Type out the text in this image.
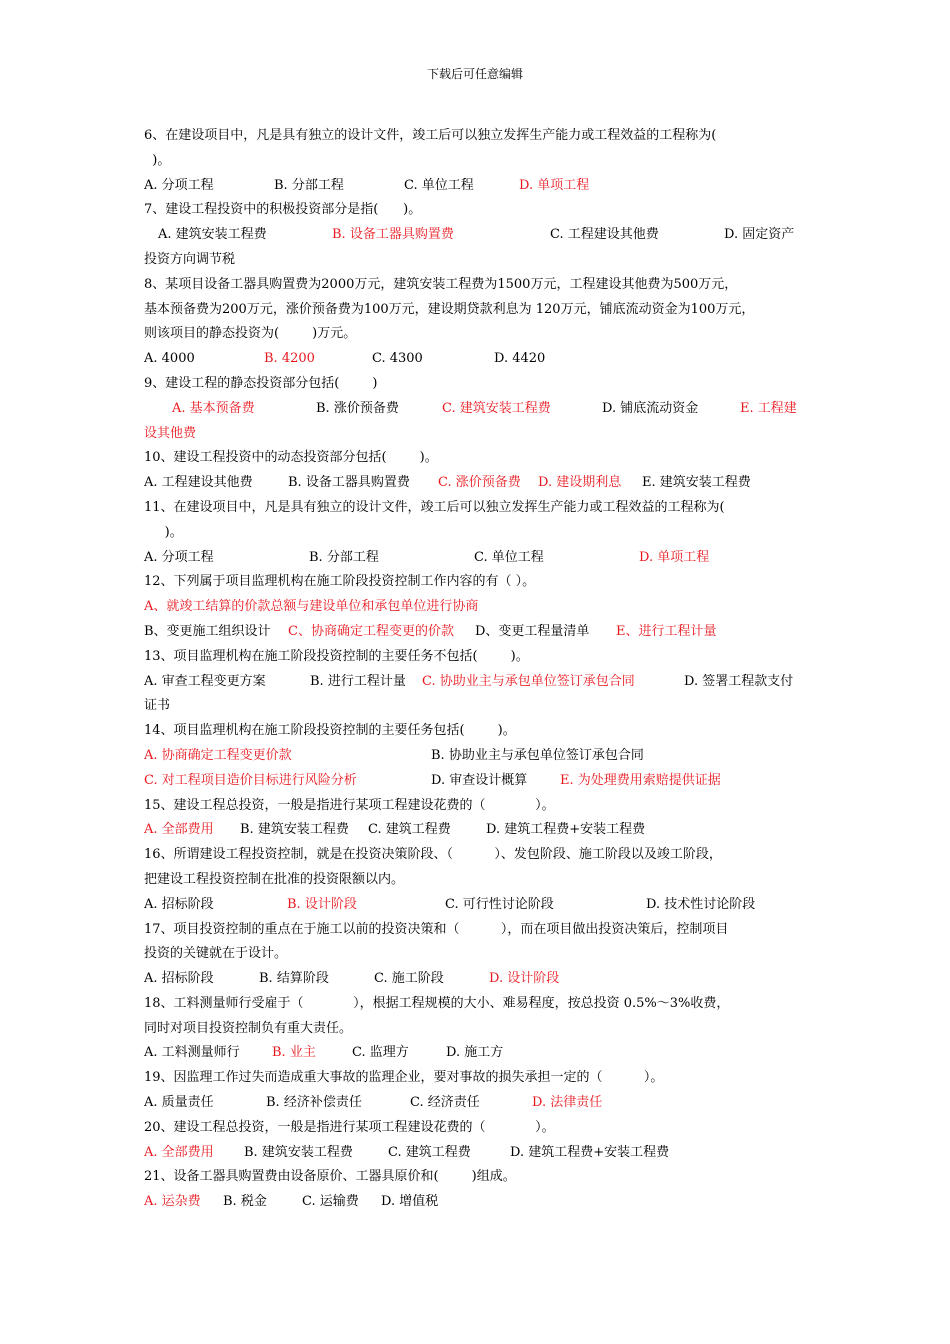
下载后可任意编辑
6、在建设项目中，凡是具有独立的设计文件，竣工后可以独立发挥生产能力或工程效益的工程称为(
)。
A. 分项工程	B. 分部工程	C. 单位工程	D. 单项工程
7、建设工程投资中的积极投资部分是指(      )。
A. 建筑安装工程费	B. 设备工器具购置费	C. 工程建设其他费	D. 固定资产
投资方向调节税
8、某项目设备工器具购置费为2000万元，建筑安装工程费为1500万元，工程建设其他费为500万元，
基本预备费为200万元，涨价预备费为100万元，建设期贷款利息为 120万元，铺底流动资金为100万元，
则该项目的静态投资为(        )万元。
A. 4000	B. 4200	C. 4300	D. 4420
9、建设工程的静态投资部分包括(        )
A. 基本预备费	B. 涨价预备费	C. 建筑安装工程费	D. 铺底流动资金	E. 工程建
设其他费
10、建设工程投资中的动态投资部分包括(        )。
A. 工程建设其他费	B. 设备工器具购置费 C. 涨价预备费 D. 建设期利息 E. 建筑安装工程费
11、在建设项目中，凡是具有独立的设计文件，竣工后可以独立发挥生产能力或工程效益的工程称为(
)。
A. 分项工程	B. 分部工程	C. 单位工程	D. 单项工程
12、下列属于项目监理机构在施工阶段投资控制工作内容的有（ ）。
A、就竣工结算的价款总额与建设单位和承包单位进行协商
B、变更施工组织设计 C、协商确定工程变更的价款 D、变更工程量清单 E、进行工程计量
13、项目监理机构在施工阶段投资控制的主要任务不包括(        )。
A. 审查工程变更方案	B. 进行工程计量 C. 协助业主与承包单位签订承包合同	D. 签署工程款支付
证书
14、项目监理机构在施工阶段投资控制的主要任务包括(        )。
A. 协商确定工程变更价款	B. 协助业主与承包单位签订承包合同
C. 对工程项目造价目标进行风险分析	D. 审查设计概算	E. 为处理费用索赔提供证据
15、建设工程总投资，一般是指进行某项工程建设花费的（            ）。
A. 全部费用 B. 建筑安装工程费 C. 建筑工程费	D. 建筑工程费+安装工程费
16、所谓建设工程投资控制，就是在投资决策阶段、（          ）、发包阶段、施工阶段以及竣工阶段，
把建设工程投资控制在批准的投资限额以内。
A. 招标阶段	B. 设计阶段	C. 可行性讨论阶段	D. 技术性讨论阶段
17、项目投资控制的重点在于施工以前的投资决策和（          ），而在项目做出投资决策后，控制项目
投资的关键就在于设计。
A. 招标阶段	B. 结算阶段	C. 施工阶段	D. 设计阶段
18、工料测量师行受雇于（            ），根据工程规模的大小、难易程度，按总投资 0.5%～3%收费，
同时对项目投资控制负有重大责任。
A. 工料测量师行 B. 业主	C. 监理方	D. 施工方
19、因监理工作过失而造成重大事故的监理企业，要对事故的损失承担一定的（          ）。
A. 质量责任	B. 经济补偿责任	C. 经济责任	D. 法律责任
20、建设工程总投资，一般是指进行某项工程建设花费的（            ）。
A. 全部费用 B. 建筑安装工程费	C. 建筑工程费	D. 建筑工程费+安装工程费
21、设备工器具购置费由设备原价、工器具原价和(        )组成。
A. 运杂费 B. 税金	C. 运输费 D. 增值税
